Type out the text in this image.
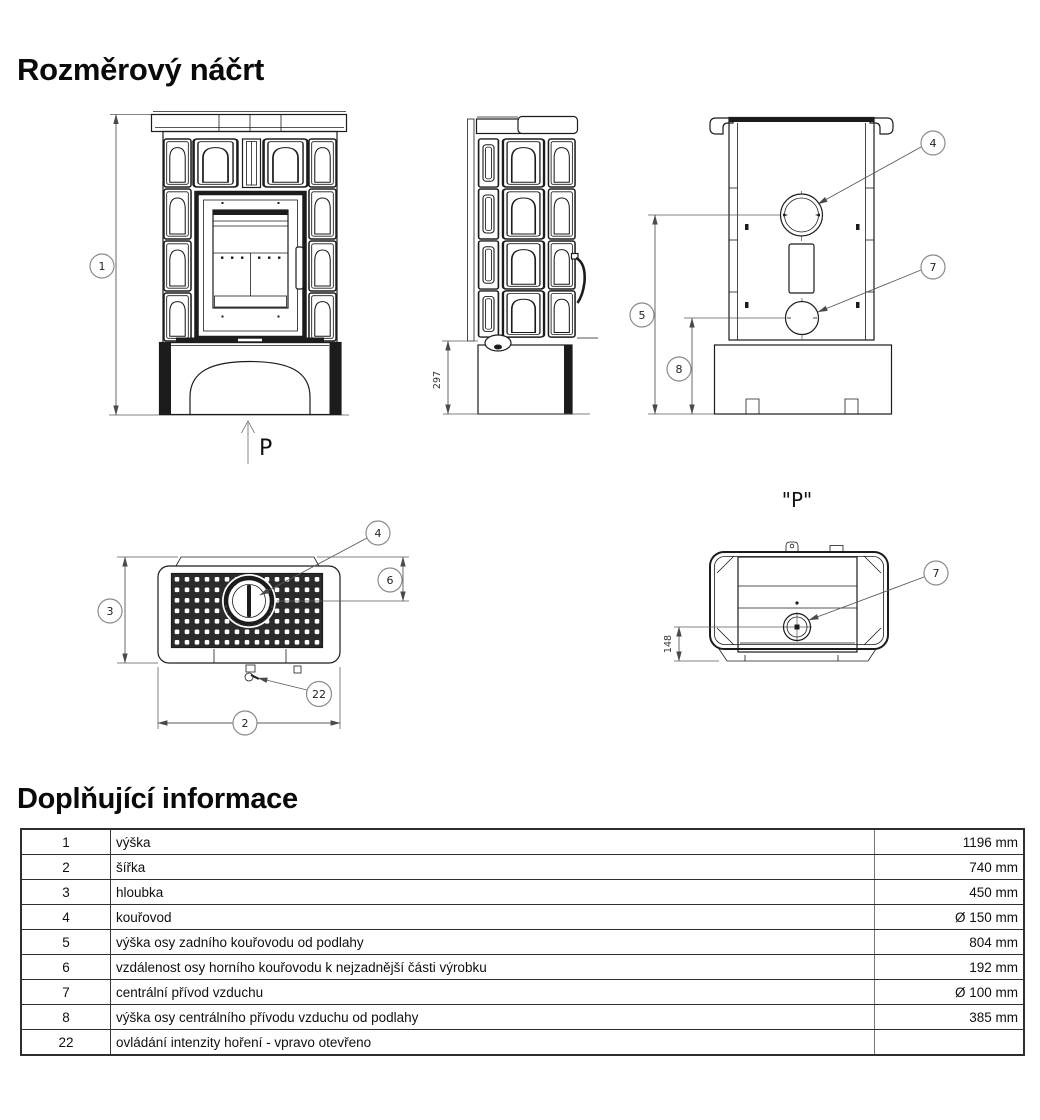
Rozměrový náčrt
1
P
297
5
8
4
7
3
2
6
4
22
"P"
148
7
Doplňující informace
1	výška	1196 mm
2	šířka	740 mm
3	hloubka	450 mm
4	kouřovod	Ø 150 mm
5	výška osy zadního kouřovodu od podlahy	804 mm
6	vzdálenost osy horního kouřovodu k nejzadnější části výrobku	192 mm
7	centrální přívod vzduchu	Ø 100 mm
8	výška osy centrálního přívodu vzduchu od podlahy	385 mm
22	ovládání intenzity hoření - vpravo otevřeno	
